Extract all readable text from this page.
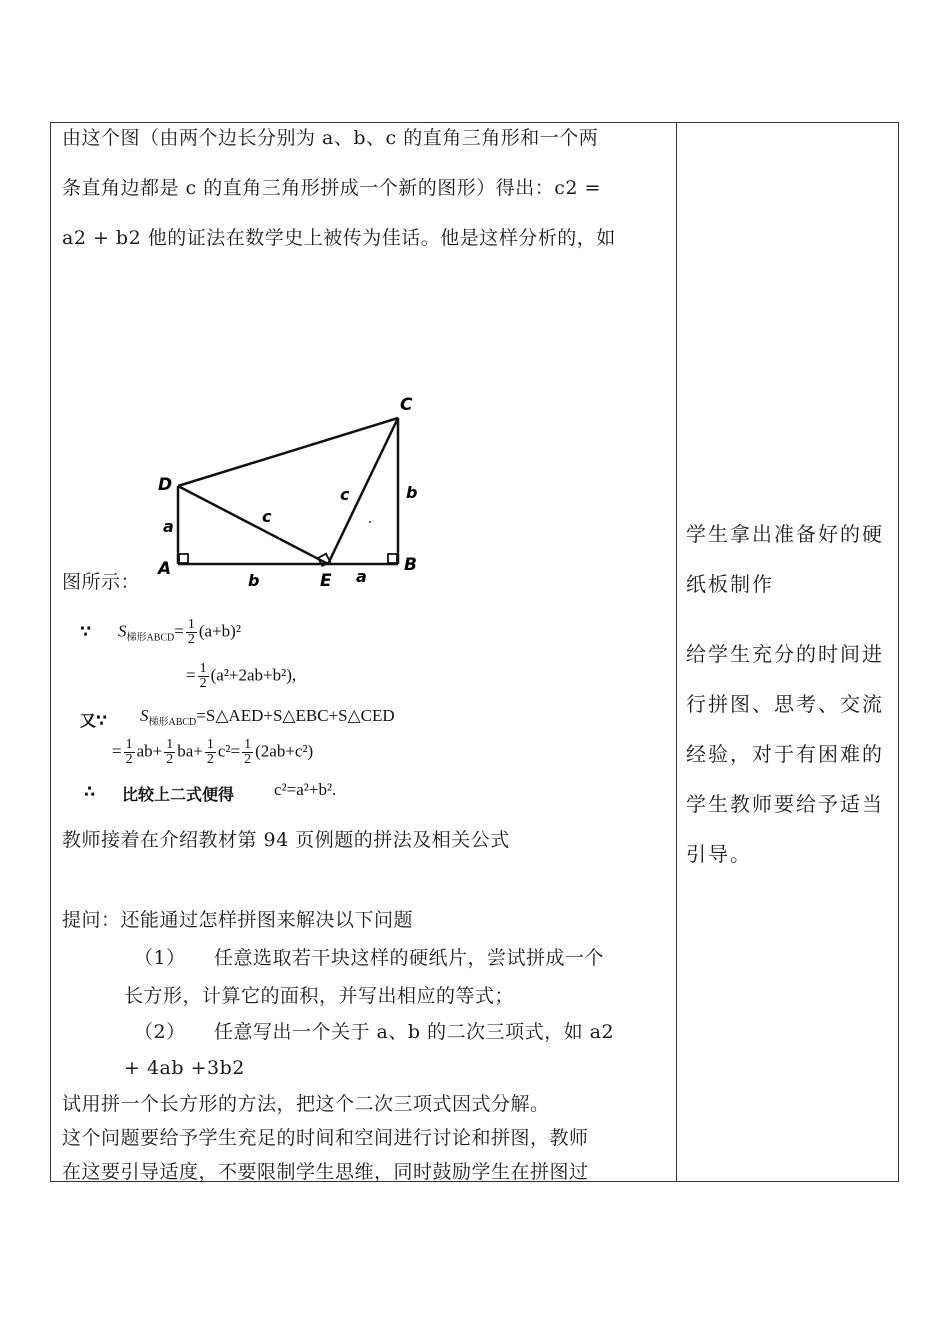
由这个图（由两个边长分别为 a、b、c 的直角三角形和一个两
条直角边都是 c 的直角三角形拼成一个新的图形）得出：c2 =
a2 + b2 他的证法在数学史上被传为佳话。他是这样分析的，如
D
C
A	B
E
a
b	a
b
c
c
图所示：
∵ $S_{梯形ABCD}= \frac{1}{2} (a+b)^2$
= $\frac{1}{2} (a^2+2ab+b^2)$,
又∵ $S_{梯形ABCD}=S\triangle AED+S\triangle EBC+S\triangle CED$
= $\frac{1}{2} ab+ \frac{1}{2} ba+ \frac{1}{2} c^2= \frac{1}{2} (2ab+c^2)$
∴ 比较上二式便得 c²=a²+b².
教师接着在介绍教材第 94 页例题的拼法及相关公式
提问：还能通过怎样拼图来解决以下问题
（1） 任意选取若干块这样的硬纸片，尝试拼成一个
长方形，计算它的面积，并写出相应的等式；
（2） 任意写出一个关于 a、b 的二次三项式，如 a2
+ 4ab +3b2
试用拼一个长方形的方法，把这个二次三项式因式分解。
这个问题要给予学生充足的时间和空间进行讨论和拼图，教师
在这要引导适度，不要限制学生思维，同时鼓励学生在拼图过
学生拿出准备好的硬
纸板制作
给学生充分的时间进
行拼图、思考、交流
经验，对于有困难的
学生教师要给予适当
引导。
